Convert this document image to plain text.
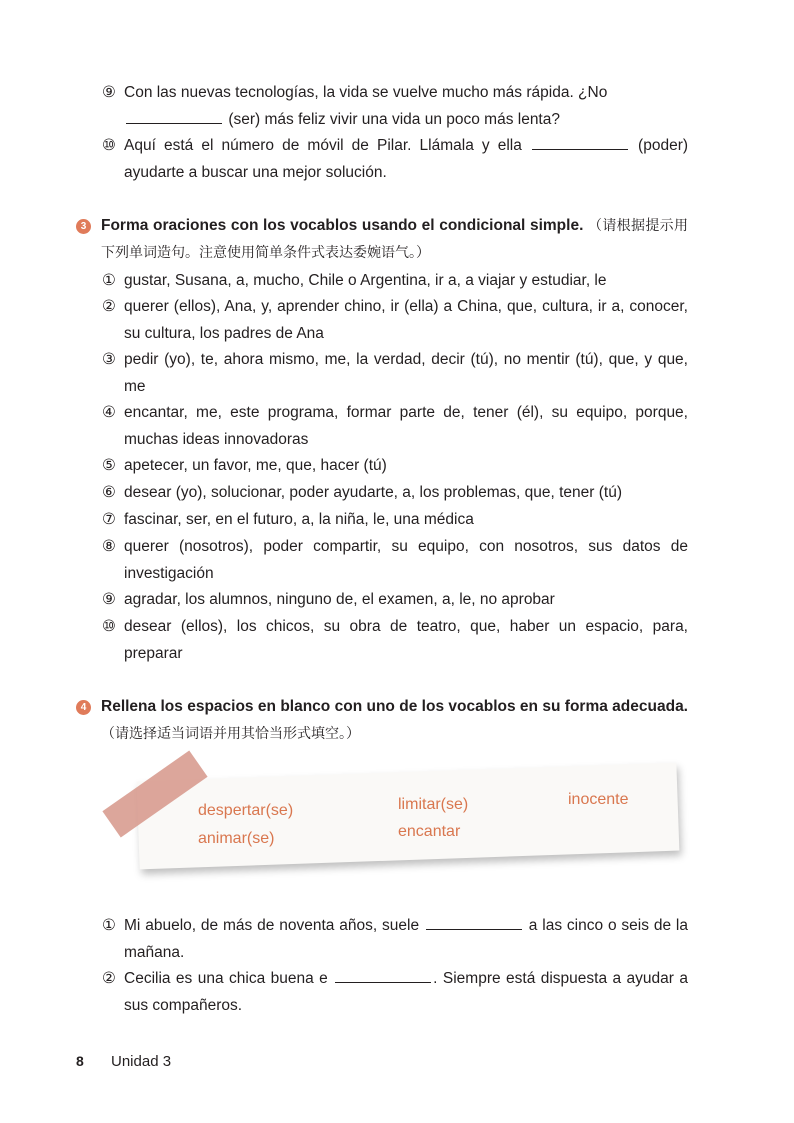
⑨ Con las nuevas tecnologías, la vida se vuelve mucho más rápida. ¿No
(ser) más feliz vivir una vida un poco más lenta?
⑩ Aquí está el número de móvil de Pilar. Llámala y ella	(poder) ayudarte a buscar una mejor solución.
3 Forma oraciones con los vocablos usando el condicional simple. （请根据提示用下列单词造句。注意使用简单条件式表达委婉语气。）
① gustar, Susana, a, mucho, Chile o Argentina, ir a, a viajar y estudiar, le
② querer (ellos), Ana, y, aprender chino, ir (ella) a China, que, cultura, ir a, conocer, su cultura, los padres de Ana
③ pedir (yo), te, ahora mismo, me, la verdad, decir (tú), no mentir (tú), que, y que, me
④ encantar, me, este programa, formar parte de, tener (él), su equipo, porque, muchas ideas innovadoras
⑤ apetecer, un favor, me, que, hacer (tú)
⑥ desear (yo), solucionar, poder ayudarte, a, los problemas, que, tener (tú)
⑦ fascinar, ser, en el futuro, a, la niña, le, una médica
⑧ querer (nosotros), poder compartir, su equipo, con nosotros, sus datos de investigación
⑨ agradar, los alumnos, ninguno de, el examen, a, le, no aprobar
⑩ desear (ellos), los chicos, su obra de teatro, que, haber un espacio, para, preparar
4 Rellena los espacios en blanco con uno de los vocablos en su forma adecuada. （请选择适当词语并用其恰当形式填空。）
despertar(se)
animar(se)
limitar(se)
encantar
inocente
① Mi abuelo, de más de noventa años, suele	a las cinco o seis de la mañana.
② Cecilia es una chica buena e	. Siempre está dispuesta a ayudar a sus compañeros.
8 Unidad 3
